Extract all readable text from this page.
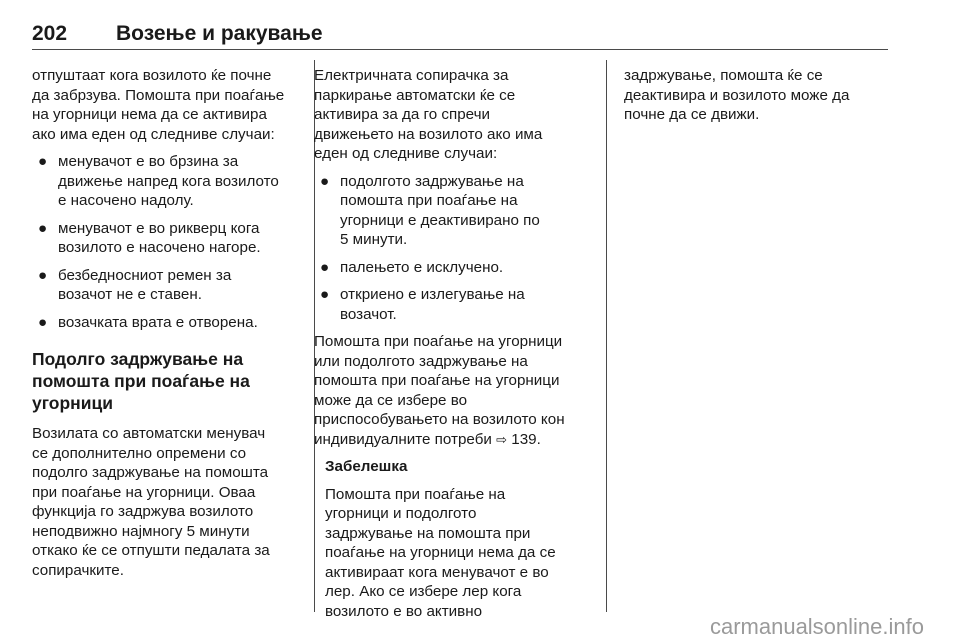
202 Возење и ракување

отпуштаат кога возилото ќе почне
да забрзува. Помошта при поаѓање
на угорници нема да се активира
ако има еден од следниве случаи:

● менувачот е во брзина за
движење напред кога возилото
е насочено надолу.
● менувачот е во рикверц кога
возилото е насочено нагоре.
● безбедносниот ремен за
возачот не е ставен.
● возачката врата е отворена.
Подолго задржување на
помошта при поаѓање на
угорници

Возилата со автоматски менувач
се дополнително опремени со
подолго задржување на помошта
при поаѓање на угорници. Оваа
функција го задржува возилото
неподвижно најмногу 5 минути
откако ќе се отпушти педалата за
сопирачките.

Електричната сопирачка за
паркирање автоматски ќе се
активира за да го спречи
движењето на возилото ако има
еден од следниве случаи:

● подолгото задржување на
помошта при поаѓање на
угорници е деактивирано по
5 минути.
● палењето е исклучено.
● откриено е излегување на
возачот.

Помошта при поаѓање на угорници
или подолгото задржување на
помошта при поаѓање на угорници
може да се избере во
приспособувањето на возилото кон
индивидуалните потреби ⇨ 139.

Забелешка

Помошта при поаѓање на
угорници и подолгото
задржување на помошта при
поаѓање на угорници нема да се
активираат кога менувачот е во
лер. Ако се избере лер кога
возилото е во активно

задржување, помошта ќе се
деактивира и возилото може да
почне да се движи.

carmanualsonline.info
